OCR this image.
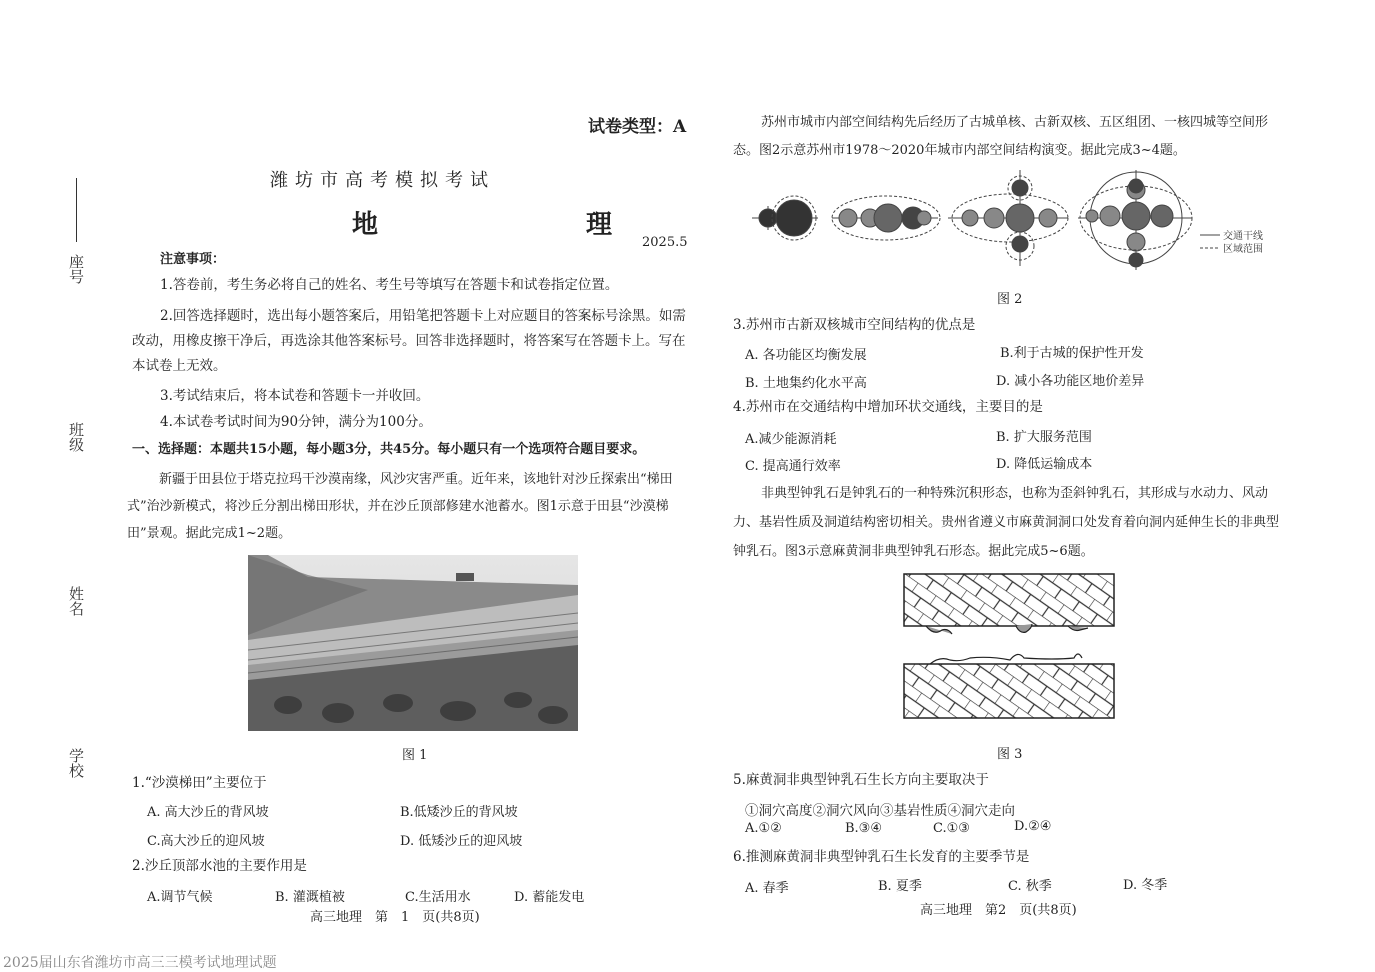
座号
班级
姓名
学校
试卷类型：A
潍坊市高考模拟考试
地　　理
2025.5
注意事项：
1.答卷前，考生务必将自己的姓名、考生号等填写在答题卡和试卷指定位置。
2.回答选择题时，选出每小题答案后，用铅笔把答题卡上对应题目的答案标号涂黑。如需改动，用橡皮擦干净后，再选涂其他答案标号。回答非选择题时，将答案写在答题卡上。写在本试卷上无效。
3.考试结束后，将本试卷和答题卡一并收回。
4.本试卷考试时间为90分钟，满分为100分。
一、选择题：本题共15小题，每小题3分，共45分。每小题只有一个选项符合题目要求。
新疆于田县位于塔克拉玛干沙漠南缘，风沙灾害严重。近年来，该地针对沙丘探索出“梯田式”治沙新模式，将沙丘分割出梯田形状，并在沙丘顶部修建水池蓄水。图1示意于田县“沙漠梯田”景观。据此完成1~2题。
图 1
1.“沙漠梯田”主要位于
A. 高大沙丘的背风坡	B.低矮沙丘的背风坡
C.高大沙丘的迎风坡	D. 低矮沙丘的迎风坡
2.沙丘顶部水池的主要作用是
A.调节气候	B. 灌溉植被	C.生活用水	D. 蓄能发电
高三地理　第　1　页(共8页)
苏州市城市内部空间结构先后经历了古城单核、古新双核、五区组团、一核四城等空间形态。图2示意苏州市1978～2020年城市内部空间结构演变。据此完成3~4题。
交通干线
区域范围
图 2
3.苏州市古新双核城市空间结构的优点是
A. 各功能区均衡发展	B.利于古城的保护性开发
B. 土地集约化水平高	D. 减小各功能区地价差异
4.苏州市在交通结构中增加环状交通线，主要目的是
A.减少能源消耗	B. 扩大服务范围
C. 提高通行效率	D. 降低运输成本
非典型钟乳石是钟乳石的一种特殊沉积形态，也称为歪斜钟乳石，其形成与水动力、风动力、基岩性质及洞道结构密切相关。贵州省遵义市麻黄洞洞口处发育着向洞内延伸生长的非典型钟乳石。图3示意麻黄洞非典型钟乳石形态。据此完成5~6题。
图 3
5.麻黄洞非典型钟乳石生长方向主要取决于
①洞穴高度②洞穴风向③基岩性质④洞穴走向
A.①②	B.③④	C.①③	D.②④
6.推测麻黄洞非典型钟乳石生长发育的主要季节是
A. 春季	B. 夏季	C. 秋季	D. 冬季
高三地理　第2　页(共8页)
2025届山东省潍坊市高三三模考试地理试题
